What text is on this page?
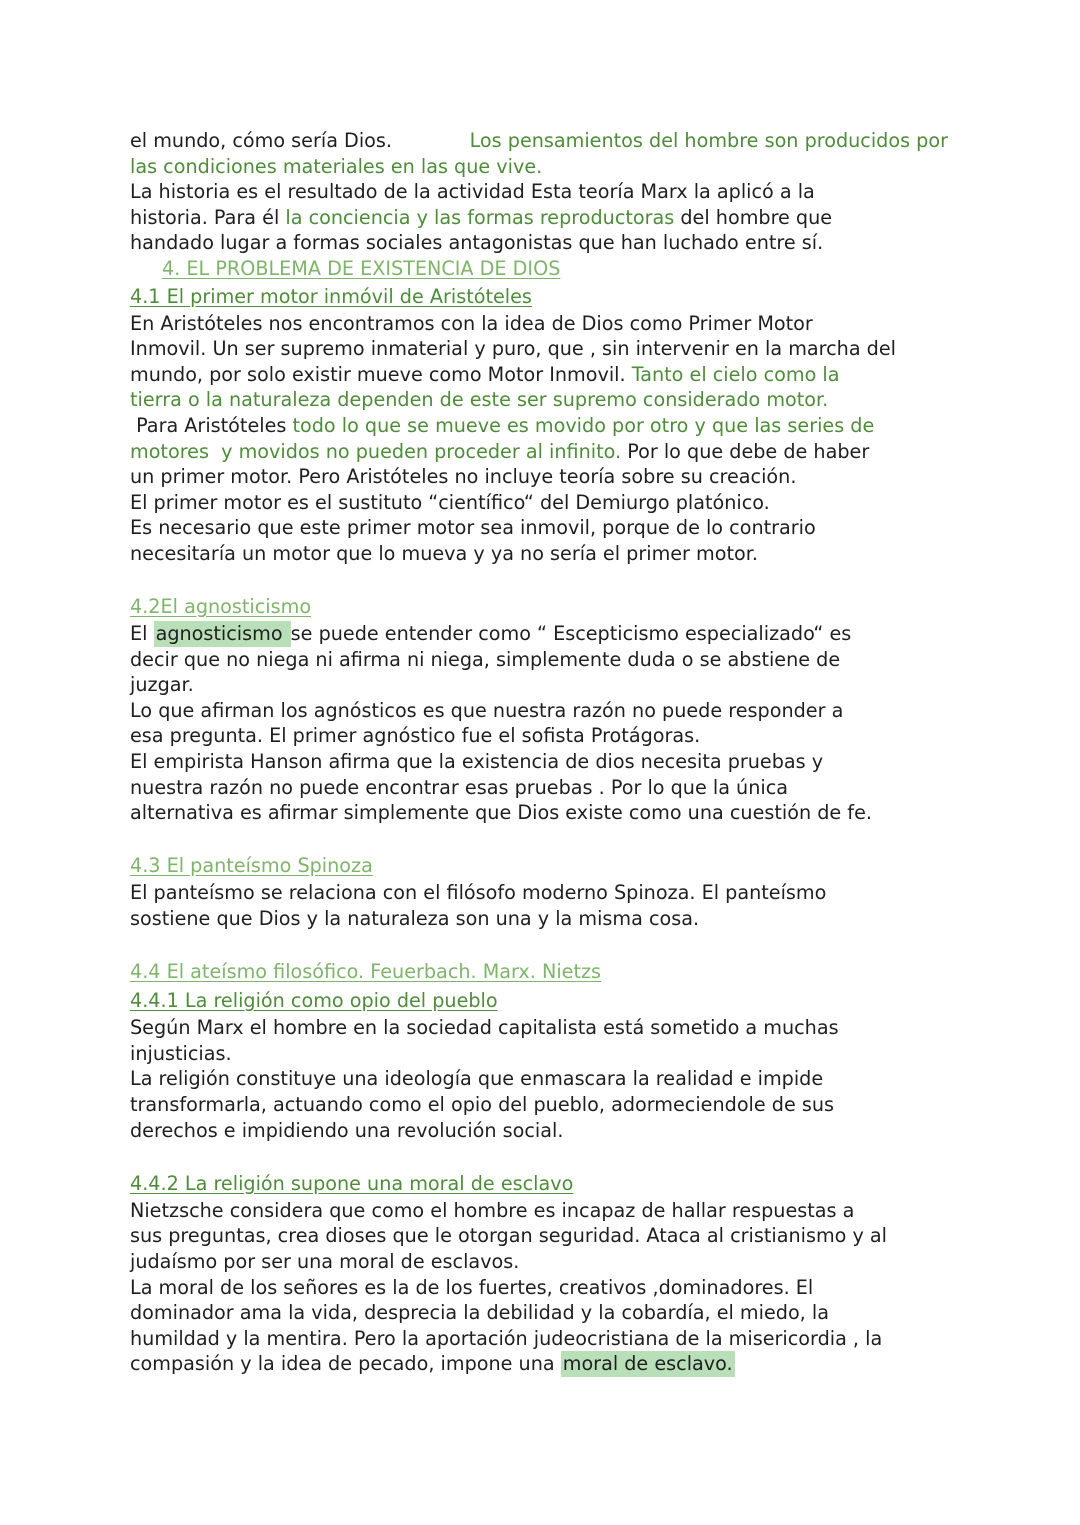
el mundo, cómo sería Dios.	Los pensamientos del hombre son producidos por
las condiciones materiales en las que vive.
La historia es el resultado de la actividad Esta teoría Marx la aplicó a la
historia. Para él la conciencia y las formas reproductoras del hombre que
handado lugar a formas sociales antagonistas que han luchado entre sí.
4. EL PROBLEMA DE EXISTENCIA DE DIOS
4.1 El primer motor inmóvil de Aristóteles
En Aristóteles nos encontramos con la idea de Dios como Primer Motor
Inmovil. Un ser supremo inmaterial y puro, que , sin intervenir en la marcha del
mundo, por solo existir mueve como Motor Inmovil. Tanto el cielo como la
tierra o la naturaleza dependen de este ser supremo considerado motor.
Para Aristóteles todo lo que se mueve es movido por otro y que las series de
motores  y movidos no pueden proceder al infinito. Por lo que debe de haber
un primer motor. Pero Aristóteles no incluye teoría sobre su creación.
El primer motor es el sustituto “científico“ del Demiurgo platónico.
Es necesario que este primer motor sea inmovil, porque de lo contrario
necesitaría un motor que lo mueva y ya no sería el primer motor.
4.2El agnosticismo
El agnosticismo se puede entender como “ Escepticismo especializado“ es
decir que no niega ni afirma ni niega, simplemente duda o se abstiene de
juzgar.
Lo que afirman los agnósticos es que nuestra razón no puede responder a
esa pregunta. El primer agnóstico fue el sofista Protágoras.
El empirista Hanson afirma que la existencia de dios necesita pruebas y
nuestra razón no puede encontrar esas pruebas . Por lo que la única
alternativa es afirmar simplemente que Dios existe como una cuestión de fe.
4.3 El panteísmo Spinoza
El panteísmo se relaciona con el filósofo moderno Spinoza. El panteísmo
sostiene que Dios y la naturaleza son una y la misma cosa.
4.4 El ateísmo filosófico. Feuerbach. Marx. Nietzs
4.4.1 La religión como opio del pueblo
Según Marx el hombre en la sociedad capitalista está sometido a muchas
injusticias.
La religión constituye una ideología que enmascara la realidad e impide
transformarla, actuando como el opio del pueblo, adormeciendole de sus
derechos e impidiendo una revolución social.
4.4.2 La religión supone una moral de esclavo
Nietzsche considera que como el hombre es incapaz de hallar respuestas a
sus preguntas, crea dioses que le otorgan seguridad. Ataca al cristianismo y al
judaísmo por ser una moral de esclavos.
La moral de los señores es la de los fuertes, creativos ,dominadores. El
dominador ama la vida, desprecia la debilidad y la cobardía, el miedo, la
humildad y la mentira. Pero la aportación judeocristiana de la misericordia , la
compasión y la idea de pecado, impone una moral de esclavo.
